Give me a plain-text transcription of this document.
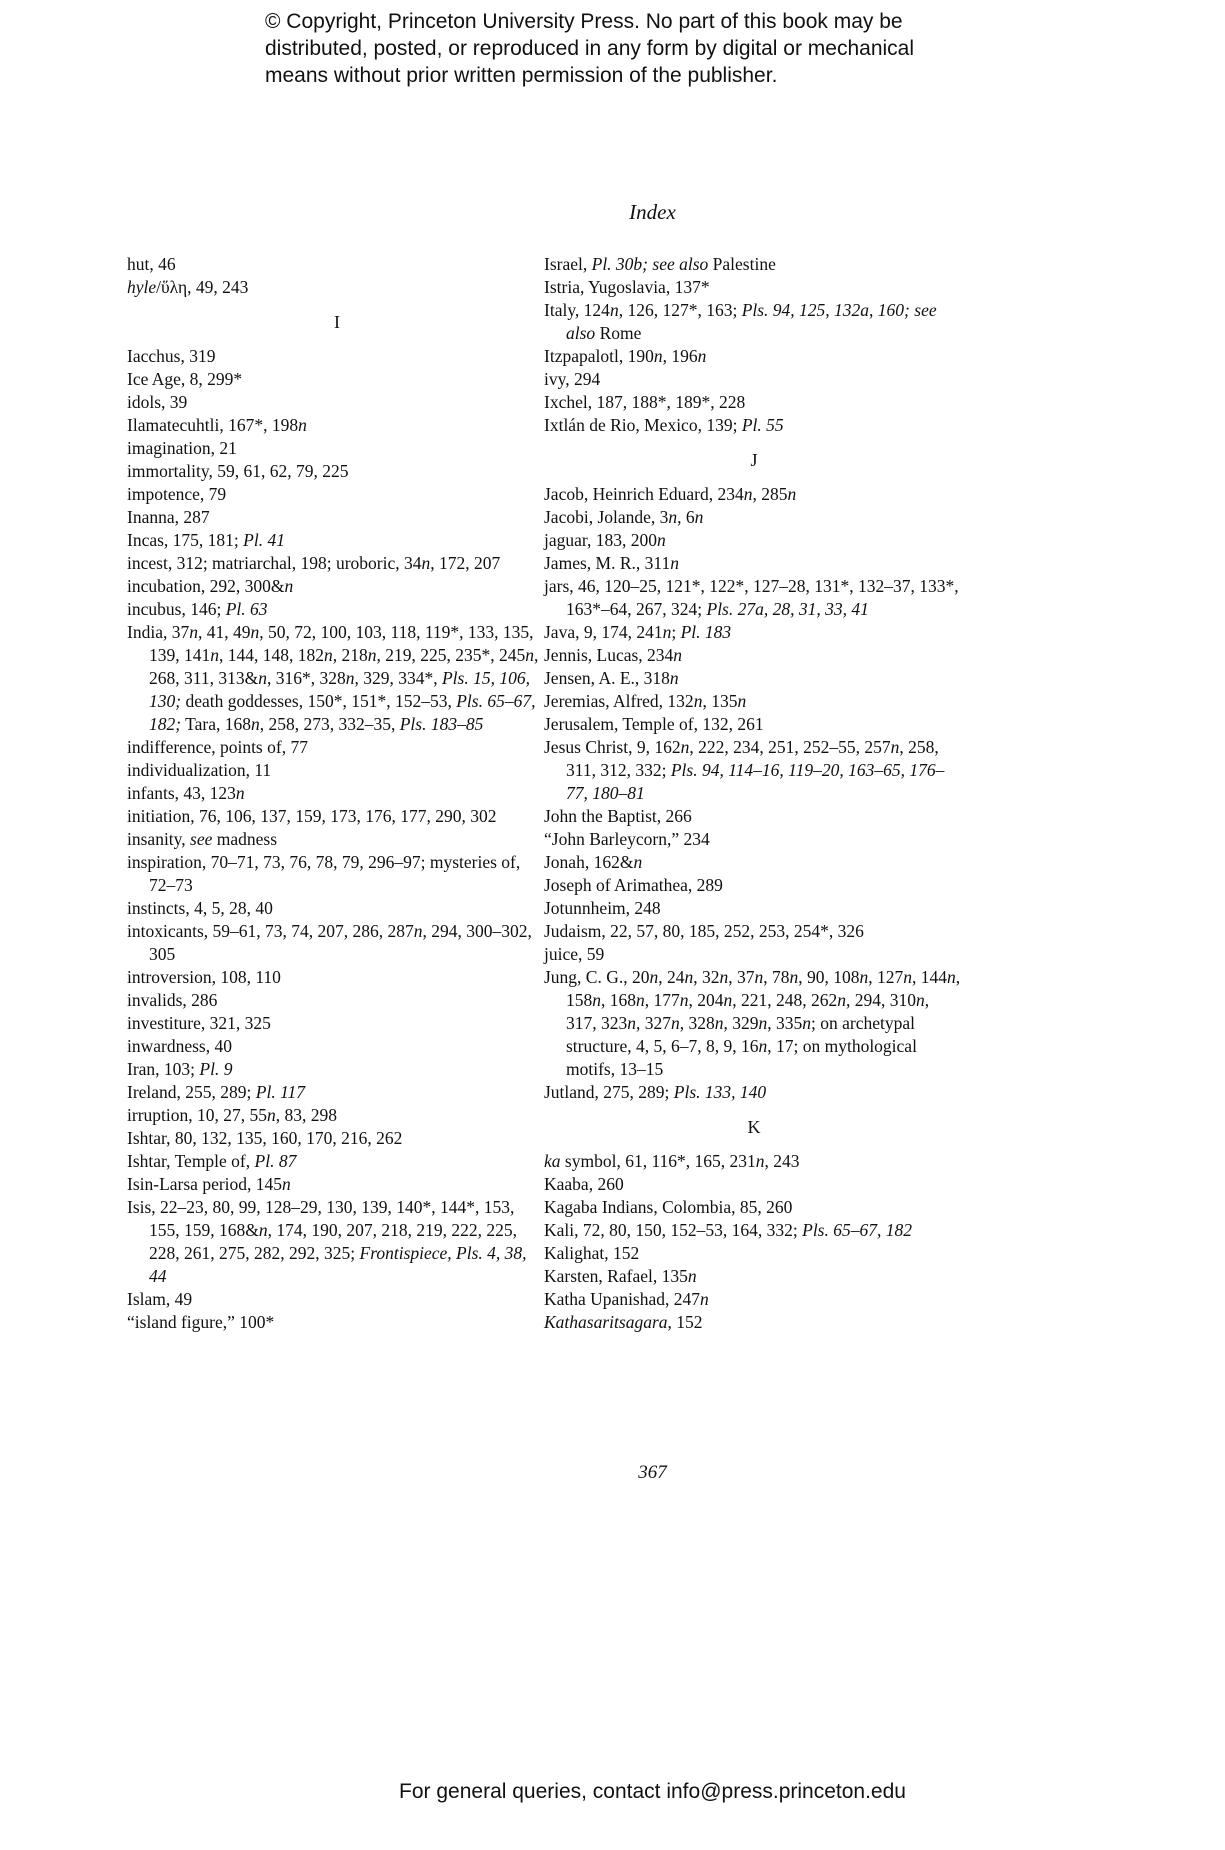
© Copyright, Princeton University Press. No part of this book may be
distributed, posted, or reproduced in any form by digital or mechanical
means without prior written permission of the publisher.
Index
hut, 46
hyle/ὕλη, 49, 243
I
Iacchus, 319
Ice Age, 8, 299*
idols, 39
Ilamatecuhtli, 167*, 198n
imagination, 21
immortality, 59, 61, 62, 79, 225
impotence, 79
Inanna, 287
Incas, 175, 181; Pl. 41
incest, 312; matriarchal, 198; uroboric, 34n, 172, 207
incubation, 292, 300&n
incubus, 146; Pl. 63
India, 37n, 41, 49n, 50, 72, 100, 103, 118, 119*, 133, 135, 139, 141n, 144, 148, 182n, 218n, 219, 225, 235*, 245n, 268, 311, 313&n, 316*, 328n, 329, 334*, Pls. 15, 106, 130; death goddesses, 150*, 151*, 152–53, Pls. 65–67, 182; Tara, 168n, 258, 273, 332–35, Pls. 183–85
indifference, points of, 77
individualization, 11
infants, 43, 123n
initiation, 76, 106, 137, 159, 173, 176, 177, 290, 302
insanity, see madness
inspiration, 70–71, 73, 76, 78, 79, 296–97; mysteries of, 72–73
instincts, 4, 5, 28, 40
intoxicants, 59–61, 73, 74, 207, 286, 287n, 294, 300–302, 305
introversion, 108, 110
invalids, 286
investiture, 321, 325
inwardness, 40
Iran, 103; Pl. 9
Ireland, 255, 289; Pl. 117
irruption, 10, 27, 55n, 83, 298
Ishtar, 80, 132, 135, 160, 170, 216, 262
Ishtar, Temple of, Pl. 87
Isin-Larsa period, 145n
Isis, 22–23, 80, 99, 128–29, 130, 139, 140*, 144*, 153, 155, 159, 168&n, 174, 190, 207, 218, 219, 222, 225, 228, 261, 275, 282, 292, 325; Frontispiece, Pls. 4, 38, 44
Islam, 49
“island figure,” 100*
Israel, Pl. 30b; see also Palestine
Istria, Yugoslavia, 137*
Italy, 124n, 126, 127*, 163; Pls. 94, 125, 132a, 160; see also Rome
Itzpapalotl, 190n, 196n
ivy, 294
Ixchel, 187, 188*, 189*, 228
Ixtlán de Rio, Mexico, 139; Pl. 55
J
Jacob, Heinrich Eduard, 234n, 285n
Jacobi, Jolande, 3n, 6n
jaguar, 183, 200n
James, M. R., 311n
jars, 46, 120–25, 121*, 122*, 127–28, 131*, 132–37, 133*, 163*–64, 267, 324; Pls. 27a, 28, 31, 33, 41
Java, 9, 174, 241n; Pl. 183
Jennis, Lucas, 234n
Jensen, A. E., 318n
Jeremias, Alfred, 132n, 135n
Jerusalem, Temple of, 132, 261
Jesus Christ, 9, 162n, 222, 234, 251, 252–55, 257n, 258, 311, 312, 332; Pls. 94, 114–16, 119–20, 163–65, 176–77, 180–81
John the Baptist, 266
“John Barleycorn,” 234
Jonah, 162&n
Joseph of Arimathea, 289
Jotunnheim, 248
Judaism, 22, 57, 80, 185, 252, 253, 254*, 326
juice, 59
Jung, C. G., 20n, 24n, 32n, 37n, 78n, 90, 108n, 127n, 144n, 158n, 168n, 177n, 204n, 221, 248, 262n, 294, 310n, 317, 323n, 327n, 328n, 329n, 335n; on archetypal structure, 4, 5, 6–7, 8, 9, 16n, 17; on mythological motifs, 13–15
Jutland, 275, 289; Pls. 133, 140
K
ka symbol, 61, 116*, 165, 231n, 243
Kaaba, 260
Kagaba Indians, Colombia, 85, 260
Kali, 72, 80, 150, 152–53, 164, 332; Pls. 65–67, 182
Kalighat, 152
Karsten, Rafael, 135n
Katha Upanishad, 247n
Kathasaritsagara, 152
367
For general queries, contact info@press.princeton.edu
